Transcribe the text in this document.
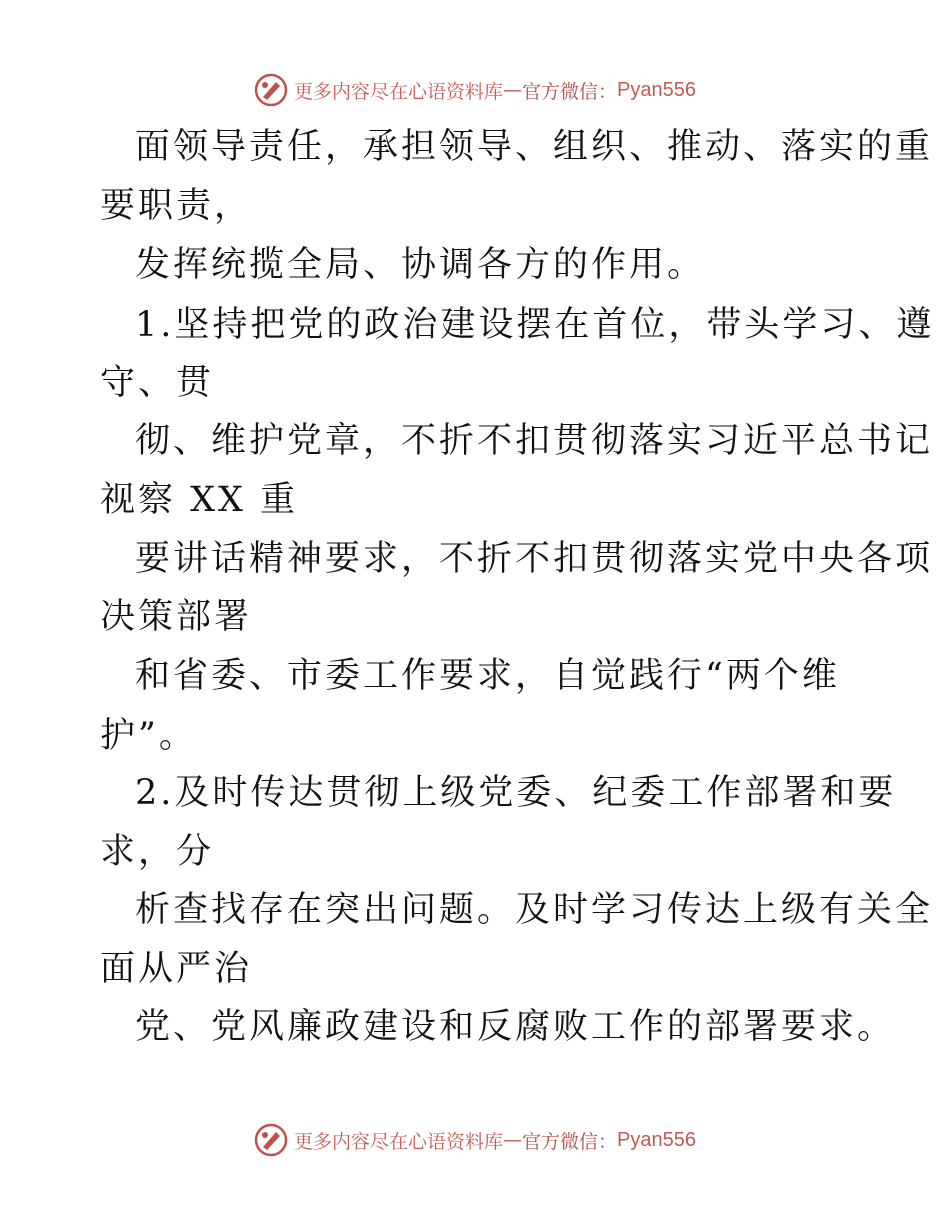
更多内容尽在心语资料库 — 官方微信： Pyan556
面领导责任，承担领导、组织、推动、落实的重
要职责，
发挥统揽全局、协调各方的作用。
1.坚持把党的政治建设摆在首位，带头学习、遵
守、贯
彻、维护党章，不折不扣贯彻落实习近平总书记
视察 XX 重
要讲话精神要求，不折不扣贯彻落实党中央各项
决策部署
和省委、市委工作要求，自觉践行“两个维
护”。
2.及时传达贯彻上级党委、纪委工作部署和要
求，分
析查找存在突出问题。及时学习传达上级有关全
面从严治
党、党风廉政建设和反腐败工作的部署要求。
更多内容尽在心语资料库 — 官方微信： Pyan556
